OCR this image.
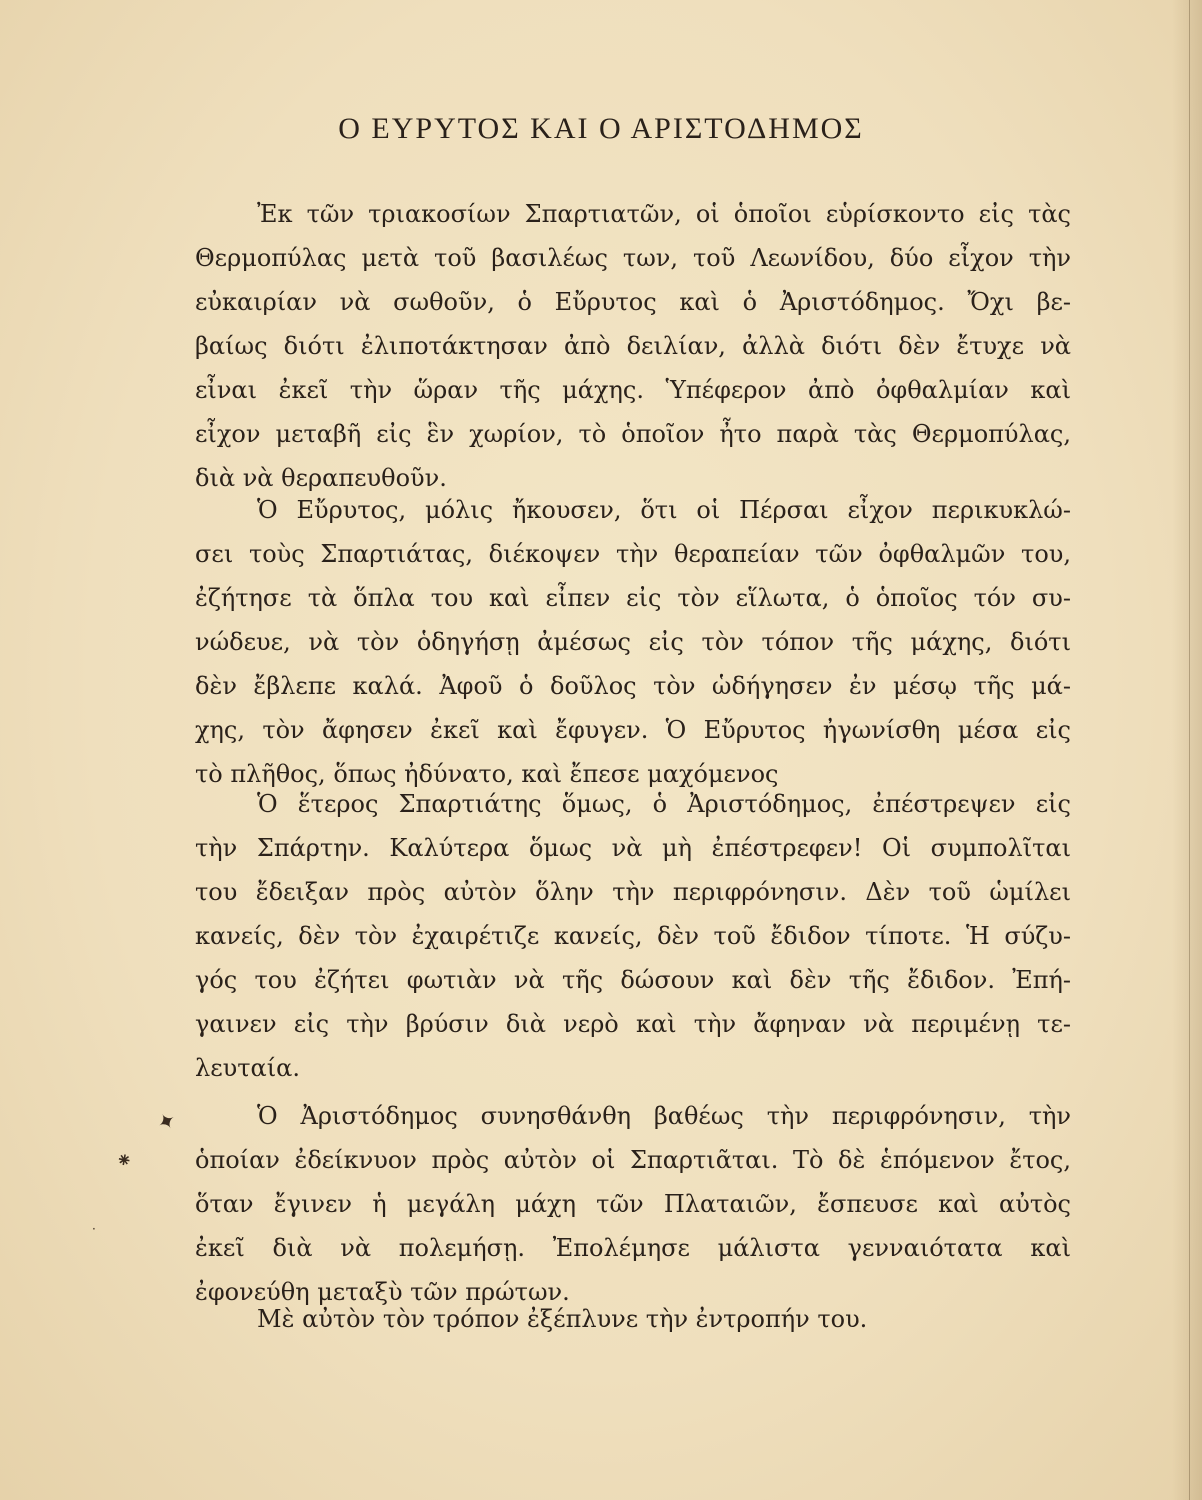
Ο ΕΥΡΥΤΟΣ ΚΑΙ Ο ΑΡΙΣΤΟΔΗΜΟΣ
Ἐκ τῶν τριακοσίων Σπαρτιατῶν, οἱ ὁποῖοι εὑρίσκοντο εἰς τὰς
Θερμοπύλας μετὰ τοῦ βασιλέως των, τοῦ Λεωνίδου, δύο εἶχον τὴν
εὐκαιρίαν νὰ σωθοῦν, ὁ Εὔρυτος καὶ ὁ Ἀριστόδημος. Ὄχι βε-
βαίως διότι ἐλιποτάκτησαν ἀπὸ δειλίαν, ἀλλὰ διότι δὲν ἔτυχε νὰ
εἶναι ἐκεῖ τὴν ὥραν τῆς μάχης. Ὑπέφερον ἀπὸ ὀφθαλμίαν καὶ
εἶχον μεταβῆ εἰς ἓν χωρίον, τὸ ὁποῖον ἦτο παρὰ τὰς Θερμοπύλας,
διὰ νὰ θεραπευθοῦν.
Ὁ Εὔρυτος, μόλις ἤκουσεν, ὅτι οἱ Πέρσαι εἶχον περικυκλώ-
σει τοὺς Σπαρτιάτας, διέκοψεν τὴν θεραπείαν τῶν ὀφθαλμῶν του,
ἐζήτησε τὰ ὅπλα του καὶ εἶπεν εἰς τὸν εἵλωτα, ὁ ὁποῖος τόν συ-
νώδευε, νὰ τὸν ὁδηγήσῃ ἀμέσως εἰς τὸν τόπον τῆς μάχης, διότι
δὲν ἔβλεπε καλά. Ἀφοῦ ὁ δοῦλος τὸν ὡδήγησεν ἐν μέσῳ τῆς μά-
χης, τὸν ἄφησεν ἐκεῖ καὶ ἔφυγεν. Ὁ Εὔρυτος ἠγωνίσθη μέσα εἰς
τὸ πλῆθος, ὅπως ἠδύνατο, καὶ ἔπεσε μαχόμενος
Ὁ ἕτερος Σπαρτιάτης ὅμως, ὁ Ἀριστόδημος, ἐπέστρεψεν εἰς
τὴν Σπάρτην. Καλύτερα ὅμως νὰ μὴ ἐπέστρεφεν! Οἱ συμπολῖται
του ἔδειξαν πρὸς αὐτὸν ὅλην τὴν περιφρόνησιν. Δὲν τοῦ ὡμίλει
κανείς, δὲν τὸν ἐχαιρέτιζε κανείς, δὲν τοῦ ἔδιδον τίποτε. Ἡ σύζυ-
γός του ἐζήτει φωτιὰν νὰ τῆς δώσουν καὶ δὲν τῆς ἔδιδον. Ἐπή-
γαινεν εἰς τὴν βρύσιν διὰ νερὸ καὶ τὴν ἄφηναν νὰ περιμένῃ τε-
λευταία.
Ὁ Ἀριστόδημος συνησθάνθη βαθέως τὴν περιφρόνησιν, τὴν
ὁποίαν ἐδείκνυον πρὸς αὐτὸν οἱ Σπαρτιᾶται. Τὸ δὲ ἑπόμενον ἔτος,
ὅταν ἔγινεν ἡ μεγάλη μάχη τῶν Πλαταιῶν, ἔσπευσε καὶ αὐτὸς
ἐκεῖ διὰ νὰ πολεμήσῃ. Ἐπολέμησε μάλιστα γενναιότατα καὶ
ἐφονεύθη μεταξὺ τῶν πρώτων.
Μὲ αὐτὸν τὸν τρόπον ἐξέπλυνε τὴν ἐντροπήν του.
✦
⁕
·
